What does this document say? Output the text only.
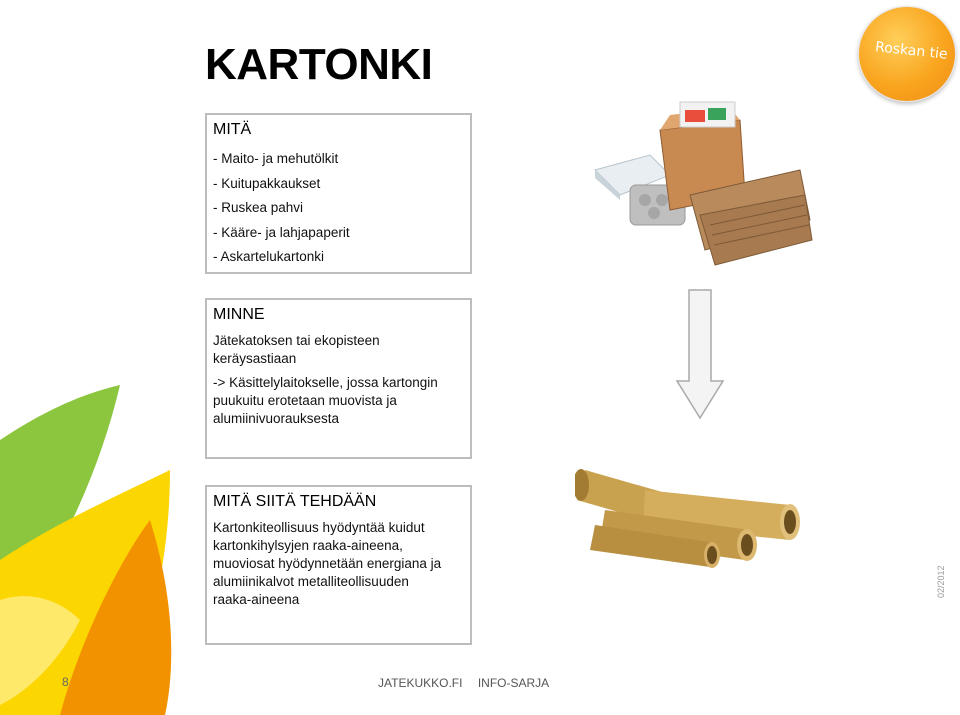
KARTONKI	Roskan tie
MITÄ
- Maito- ja mehutölkit
- Kuitupakkaukset
- Ruskea pahvi
- Kääre- ja lahjapaperit
- Askartelukartonki
MINNE
Jätekatoksen tai ekopisteen
keräysastiaan
-> Käsittelylaitokselle, jossa kartongin
puukuitu erotetaan muovista ja
alumiinivuorauksesta
MITÄ SIITÄ TEHDÄÄN
Kartonkiteollisuus hyödyntää kuidut
kartonkihylsyjen raaka-aineena,
muoviosat hyödynnetään energiana ja
alumiinikalvot metalliteollisuuden
raaka-aineena
02/2012
8	JATEKUKKO.FI INFO-SARJA
